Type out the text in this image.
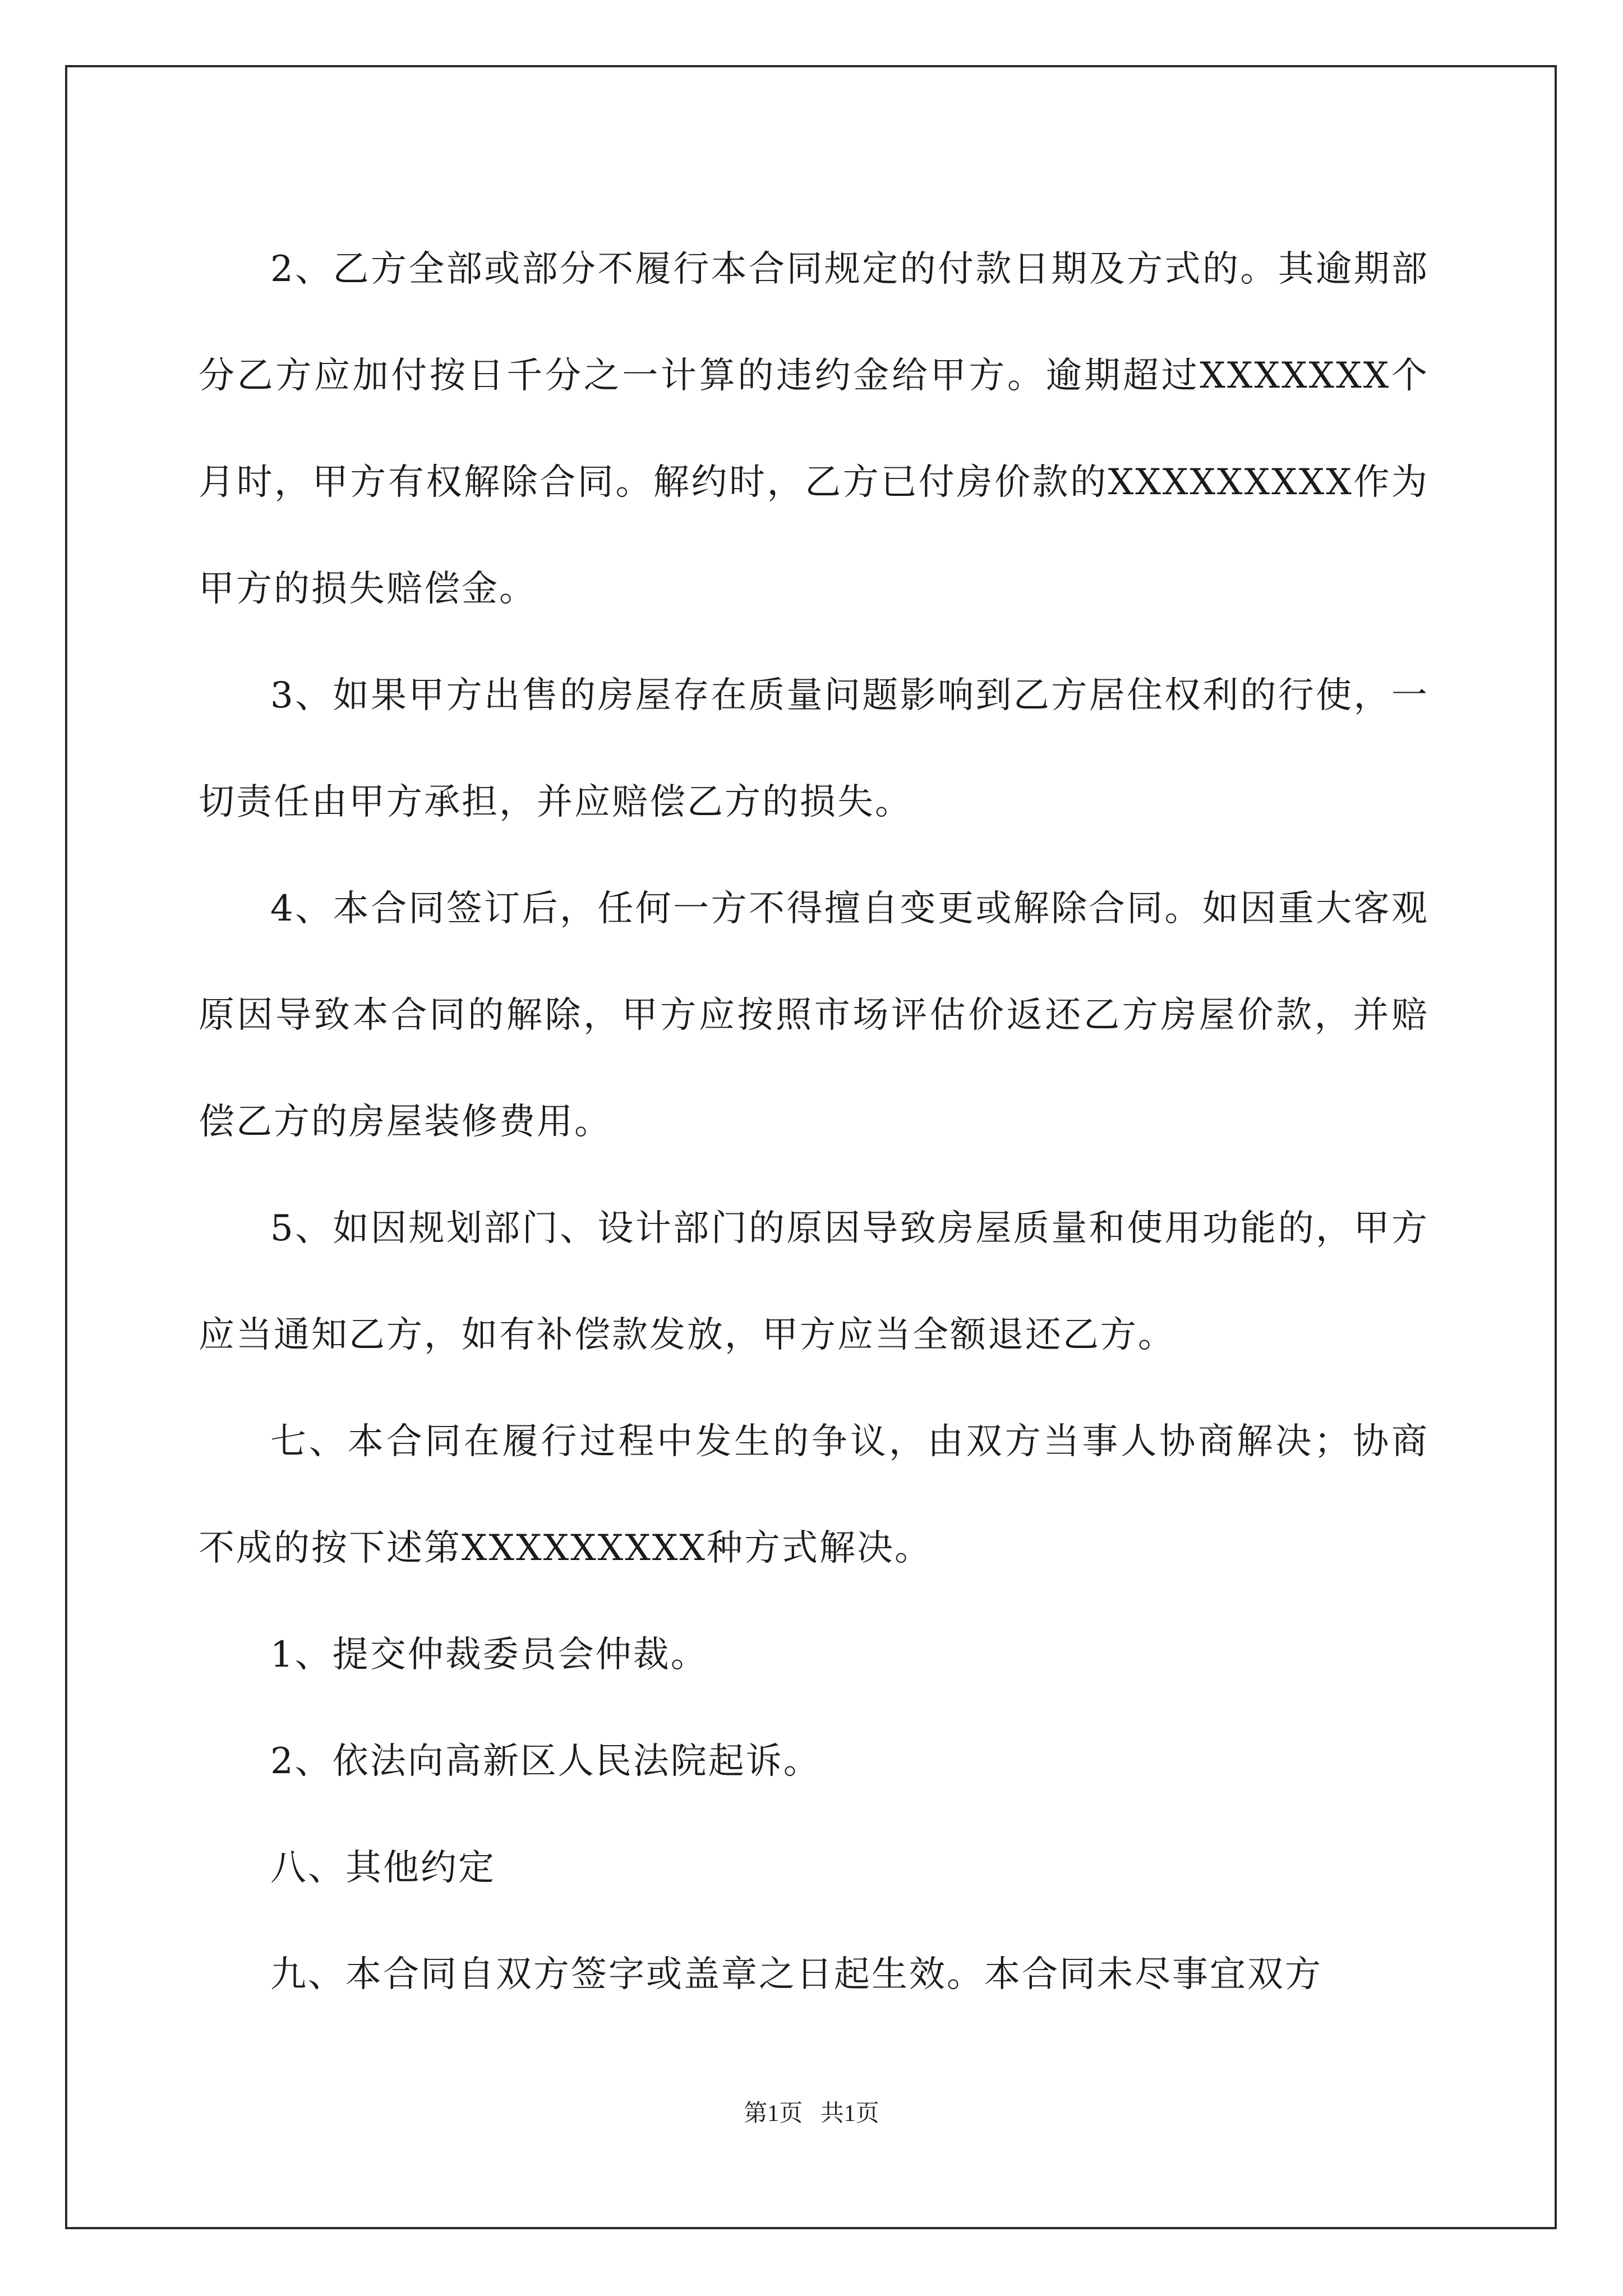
2、乙方全部或部分不履行本合同规定的付款日期及方式的。其逾期部分乙方应加付按日千分之一计算的违约金给甲方。逾期超过XXXXXXX个月时，甲方有权解除合同。解约时，乙方已付房价款的XXXXXXXXX作为甲方的损失赔偿金。

3、如果甲方出售的房屋存在质量问题影响到乙方居住权利的行使，一切责任由甲方承担，并应赔偿乙方的损失。

4、本合同签订后，任何一方不得擅自变更或解除合同。如因重大客观原因导致本合同的解除，甲方应按照市场评估价返还乙方房屋价款，并赔偿乙方的房屋装修费用。

5、如因规划部门、设计部门的原因导致房屋质量和使用功能的，甲方应当通知乙方，如有补偿款发放，甲方应当全额退还乙方。

七、本合同在履行过程中发生的争议，由双方当事人协商解决；协商不成的按下述第XXXXXXXXX种方式解决。

1、提交仲裁委员会仲裁。

2、依法向高新区人民法院起诉。

八、其他约定

九、本合同自双方签字或盖章之日起生效。本合同未尽事宜双方

第1页   共1页
